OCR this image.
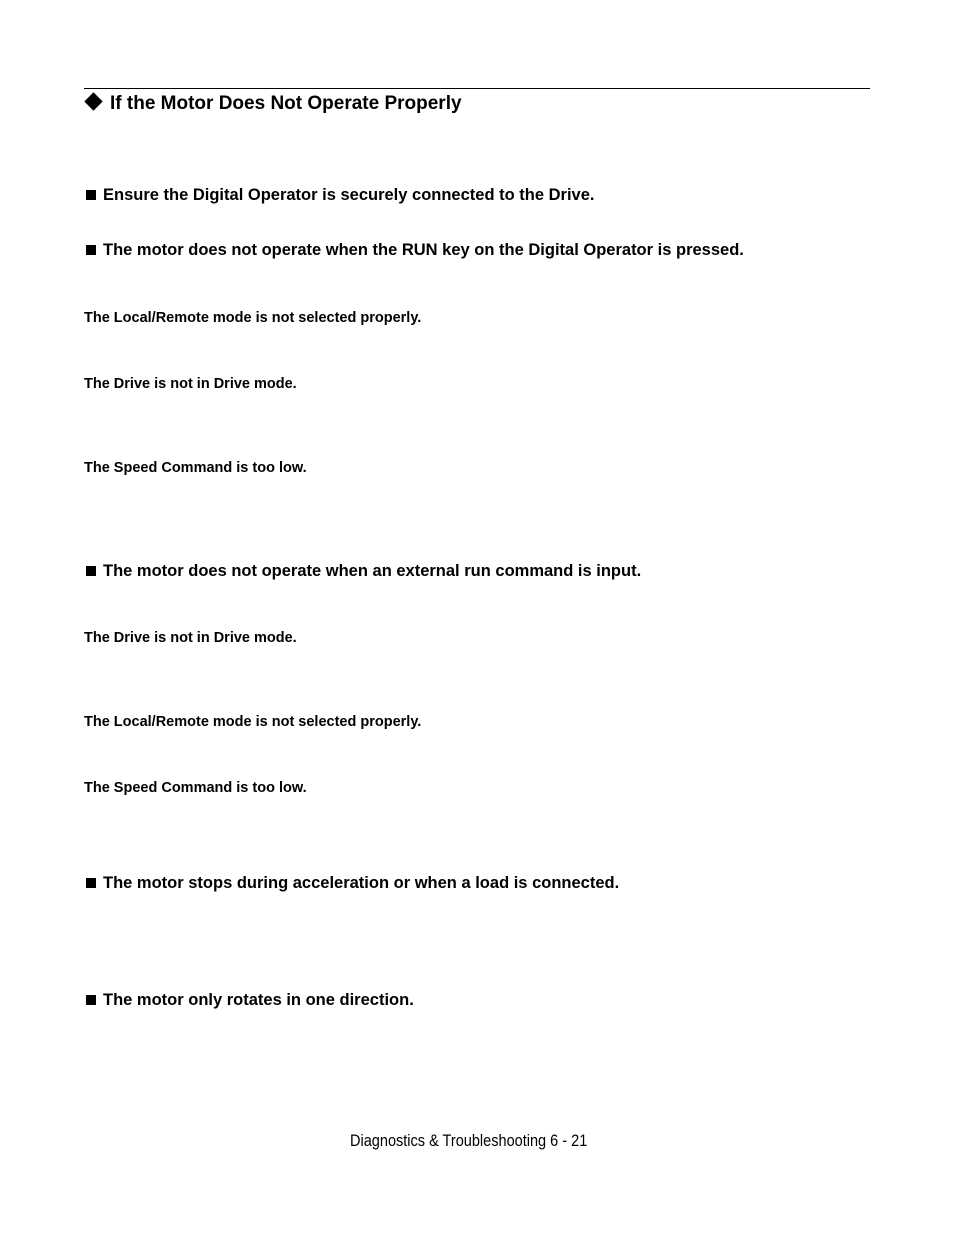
If the Motor Does Not Operate Properly
Ensure the Digital Operator is securely connected to the Drive.
The motor does not operate when the RUN key on the Digital Operator is pressed.
The Local/Remote mode is not selected properly.
The Drive is not in Drive mode.
The Speed Command is too low.
The motor does not operate when an external run command is input.
The Drive is not in Drive mode.
The Local/Remote mode is not selected properly.
The Speed Command is too low.
The motor stops during acceleration or when a load is connected.
The motor only rotates in one direction.
Diagnostics & Troubleshooting 6 - 21
